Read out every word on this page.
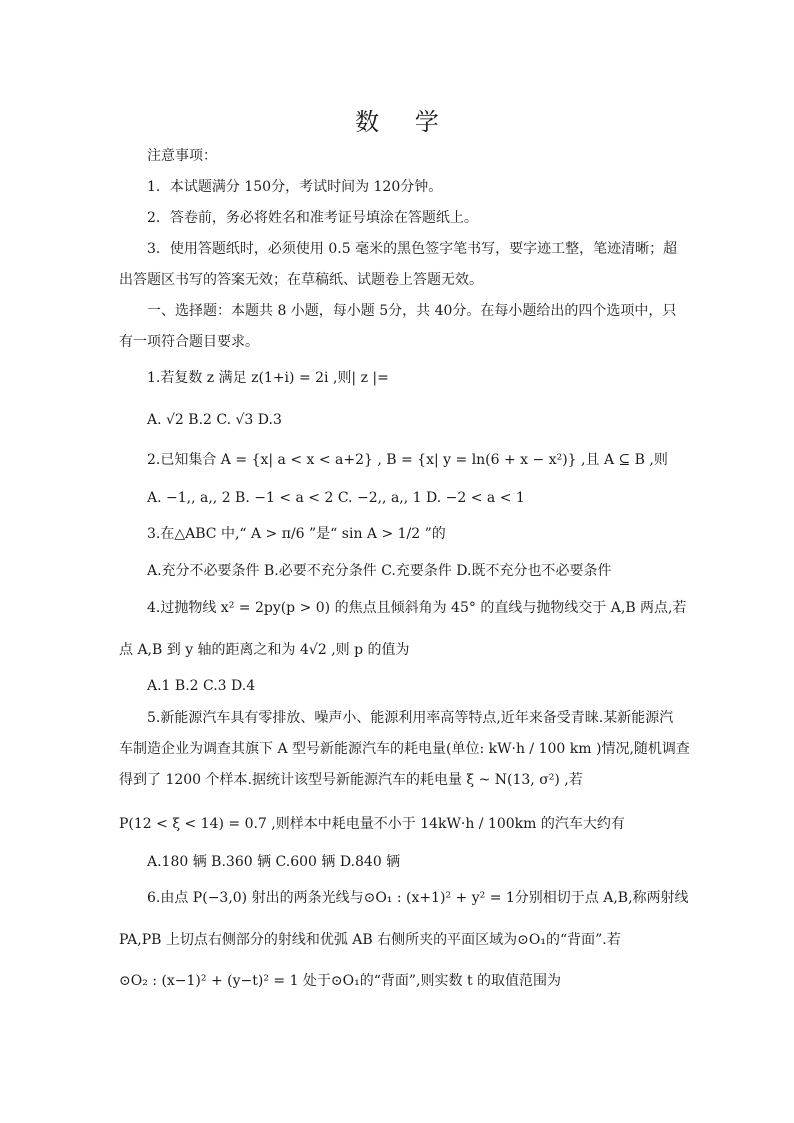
数 学
注意事项：
1．本试题满分 150分，考试时间为 120分钟。
2．答卷前，务必将姓名和准考证号填涂在答题纸上。
3．使用答题纸时，必须使用 0.5 毫米的黑色签字笔书写，要字迹工整，笔迹清晰；超
出答题区书写的答案无效；在草稿纸、试题卷上答题无效。
一、选择题：本题共 8 小题，每小题 5分，共 40分。在每小题给出的四个选项中，只
有一项符合题目要求。
1.若复数 z 满足 z(1+i) = 2i ,则| z |=
A. √2 B.2 C. √3 D.3
2.已知集合 A = {x| a < x < a+2} , B = {x| y = ln(6 + x − x²)} ,且 A ⊆ B ,则
A. −1,, a,, 2 B. −1 < a < 2 C. −2,, a,, 1 D. −2 < a < 1
3.在△ABC 中,“ A > π/6 ”是“ sin A > 1/2 ”的
A.充分不必要条件 B.必要不充分条件 C.充要条件 D.既不充分也不必要条件
4.过抛物线 x² = 2py(p > 0) 的焦点且倾斜角为 45° 的直线与抛物线交于 A,B 两点,若
点 A,B 到 y 轴的距离之和为 4√2 ,则 p 的值为
A.1 B.2 C.3 D.4
5.新能源汽车具有零排放、噪声小、能源利用率高等特点,近年来备受青睐.某新能源汽
车制造企业为调查其旗下 A 型号新能源汽车的耗电量(单位: kW·h / 100 km )情况,随机调查
得到了 1200 个样本.据统计该型号新能源汽车的耗电量 ξ ~ N(13, σ²) ,若
P(12 < ξ < 14) = 0.7 ,则样本中耗电量不小于 14kW·h / 100km 的汽车大约有
A.180 辆 B.360 辆 C.600 辆 D.840 辆
6.由点 P(−3,0) 射出的两条光线与⊙O₁ : (x+1)² + y² = 1分别相切于点 A,B,称两射线
PA,PB 上切点右侧部分的射线和优弧 AB 右侧所夹的平面区域为⊙O₁的“背面”.若
⊙O₂ : (x−1)² + (y−t)² = 1 处于⊙O₁的“背面”,则实数 t 的取值范围为
